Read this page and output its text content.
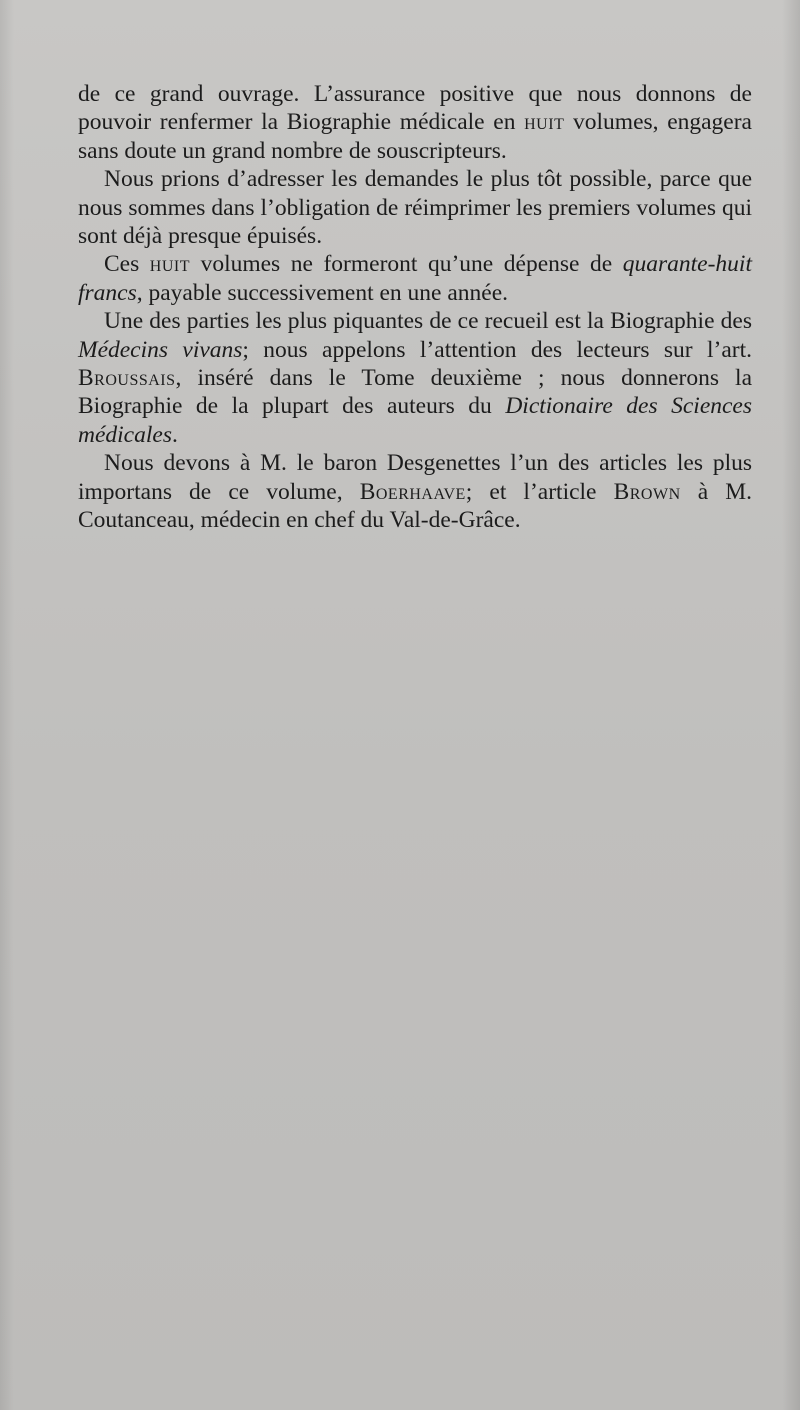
de ce grand ouvrage. L’assurance positive que nous donnons de pouvoir renfermer la Biographie médicale en huit volumes, engagera sans doute un grand nombre de souscripteurs.

Nous prions d’adresser les demandes le plus tôt possible, parce que nous sommes dans l’obligation de réimprimer les premiers volumes qui sont déjà presque épuisés.

Ces huit volumes ne formeront qu’une dépense de quarante-huit francs, payable successivement en une année.

Une des parties les plus piquantes de ce recueil est la Biographie des Médecins vivans; nous appelons l’attention des lecteurs sur l’art. Broussais, inséré dans le Tome deuxième ; nous donnerons la Biographie de la plupart des auteurs du Dictionaire des Sciences médicales.

Nous devons à M. le baron Desgenettes l’un des articles les plus importans de ce volume, Boerhaave; et l’article Brown à M. Coutanceau, médecin en chef du Val-de-Grâce.
